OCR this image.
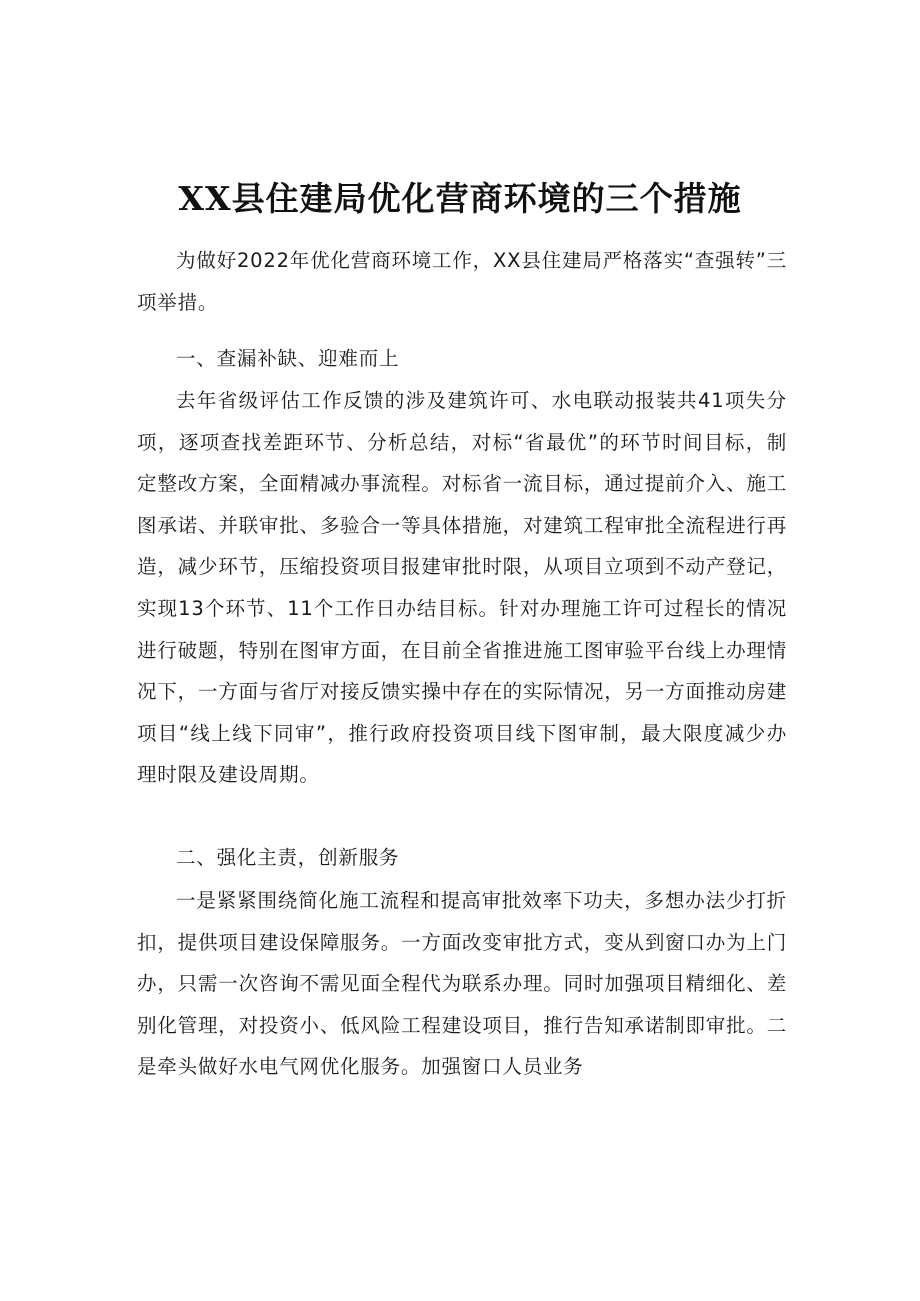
XX县住建局优化营商环境的三个措施

为做好2022年优化营商环境工作，XX县住建局严格落实“查强转”三项举措。

一、查漏补缺、迎难而上

去年省级评估工作反馈的涉及建筑许可、水电联动报装共41项失分项，逐项查找差距环节、分析总结，对标“省最优”的环节时间目标，制定整改方案，全面精减办事流程。对标省一流目标，通过提前介入、施工图承诺、并联审批、多验合一等具体措施，对建筑工程审批全流程进行再造，减少环节，压缩投资项目报建审批时限，从项目立项到不动产登记，实现13个环节、11个工作日办结目标。针对办理施工许可过程长的情况进行破题，特别在图审方面，在目前全省推进施工图审验平台线上办理情况下，一方面与省厅对接反馈实操中存在的实际情况，另一方面推动房建项目“线上线下同审”，推行政府投资项目线下图审制，最大限度减少办理时限及建设周期。

二、强化主责，创新服务

一是紧紧围绕简化施工流程和提高审批效率下功夫，多想办法少打折扣，提供项目建设保障服务。一方面改变审批方式，变从到窗口办为上门办，只需一次咨询不需见面全程代为联系办理。同时加强项目精细化、差别化管理，对投资小、低风险工程建设项目，推行告知承诺制即审批。二是牵头做好水电气网优化服务。加强窗口人员业务
